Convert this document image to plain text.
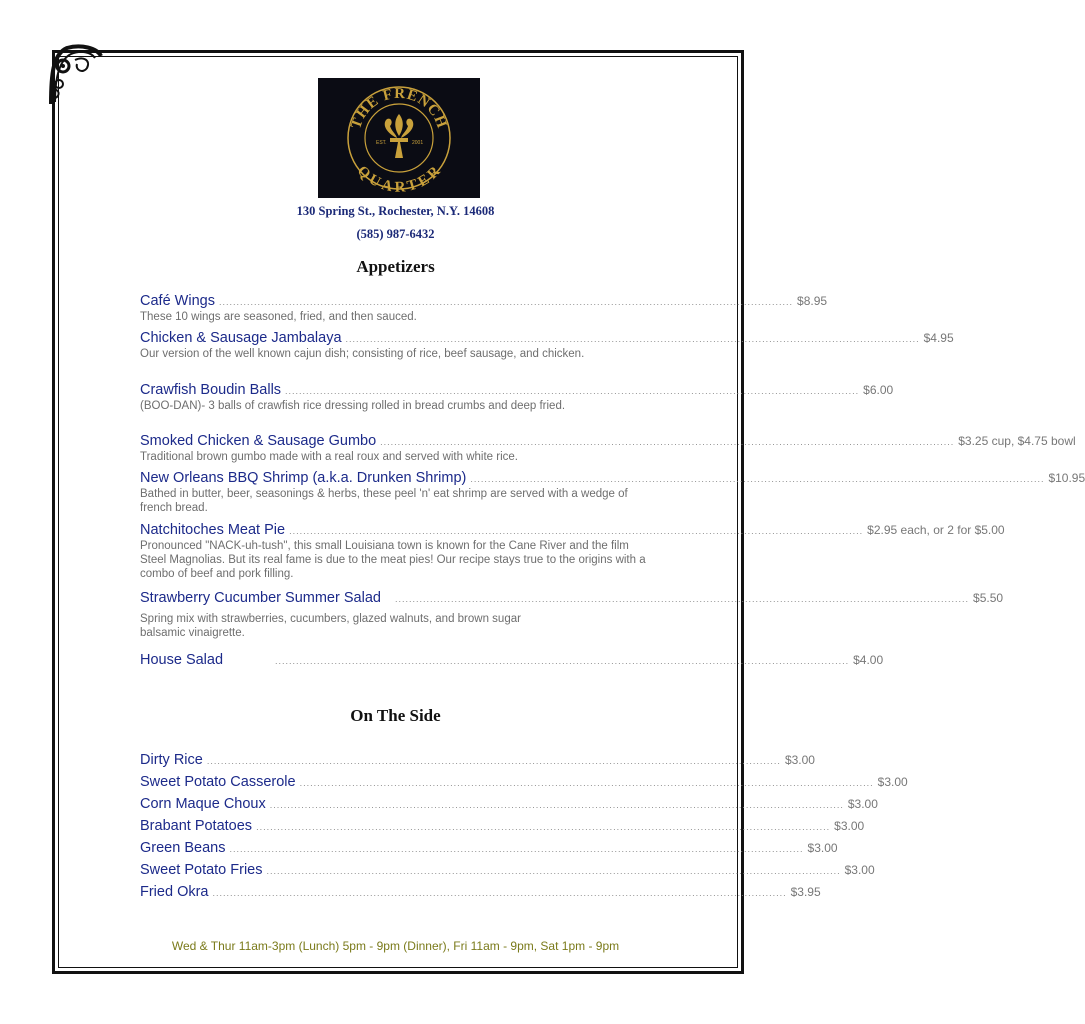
THE FRENCH
QUARTER
EST.	2001
130 Spring St., Rochester, N.Y. 14608
(585) 987-6432
Appetizers
Café Wings .................................................................................................................................................................... $8.95
These 10 wings are seasoned, fried, and then sauced.
Chicken & Sausage Jambalaya .................................................................................................................................................................... $4.95
Our version of the well known cajun dish; consisting of rice, beef sausage, and chicken.
Crawfish Boudin Balls .................................................................................................................................................................... $6.00
(BOO-DAN)- 3 balls of crawfish rice dressing rolled in bread crumbs and deep fried.
Smoked Chicken & Sausage Gumbo .................................................................................................................................................................... $3.25 cup, $4.75 bowl
Traditional brown gumbo made with a real roux and served with white rice.
New Orleans BBQ Shrimp (a.k.a. Drunken Shrimp) .................................................................................................................................................................... $10.95
Bathed in butter, beer, seasonings & herbs, these peel 'n' eat shrimp are served with a wedge of french bread.
Natchitoches Meat Pie .................................................................................................................................................................... $2.95 each, or 2 for $5.00
Pronounced "NACK-uh-tush", this small Louisiana town is known for the Cane River and the film Steel Magnolias. But its real fame is due to the meat pies! Our recipe stays true to the origins with a combo of beef and pork filling.
Strawberry Cucumber Summer Salad .................................................................................................................................................................... $5.50
Spring mix with strawberries, cucumbers, glazed walnuts, and brown sugar balsamic vinaigrette.
House Salad	.................................................................................................................................................................... $4.00
On The Side
Dirty Rice .................................................................................................................................................................... $3.00
Sweet Potato Casserole .................................................................................................................................................................... $3.00
Corn Maque Choux .................................................................................................................................................................... $3.00
Brabant Potatoes .................................................................................................................................................................... $3.00
Green Beans .................................................................................................................................................................... $3.00
Sweet Potato Fries .................................................................................................................................................................... $3.00
Fried Okra .................................................................................................................................................................... $3.95
Wed & Thur 11am-3pm (Lunch) 5pm - 9pm (Dinner), Fri 11am - 9pm, Sat 1pm - 9pm
